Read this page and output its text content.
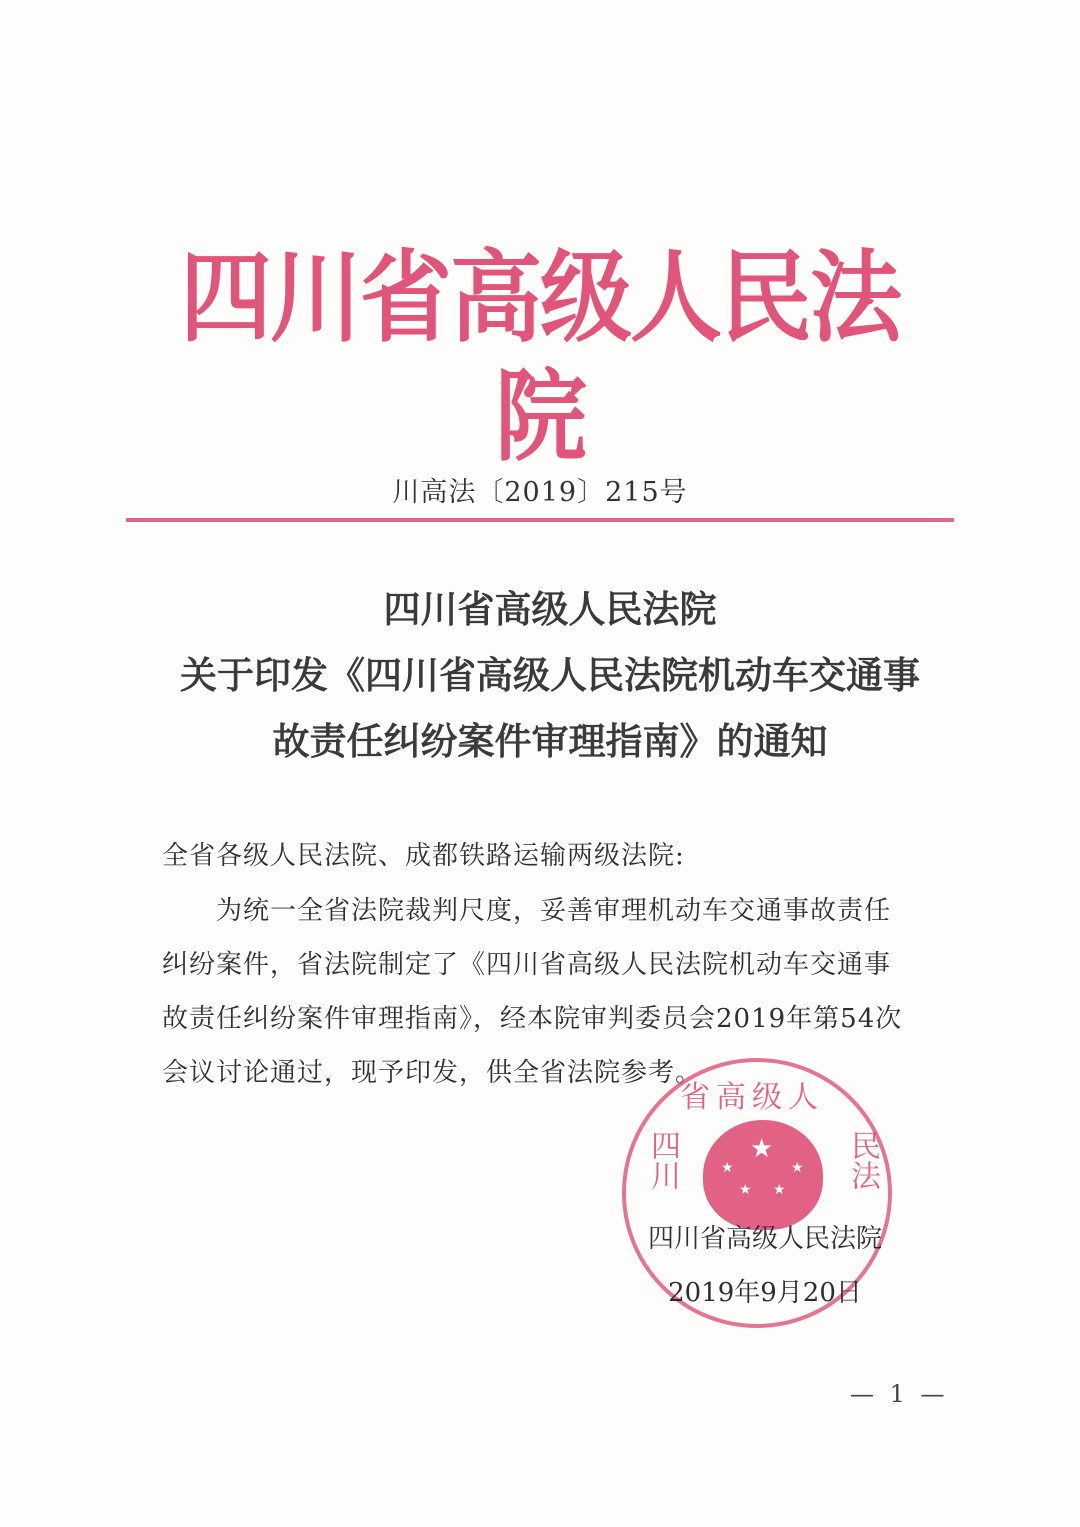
四川省高级人民法院
川高法〔2019〕215号
四川省高级人民法院
关于印发《四川省高级人民法院机动车交通事
故责任纠纷案件审理指南》的通知
全省各级人民法院、成都铁路运输两级法院:
　　为统一全省法院裁判尺度，妥善审理机动车交通事故责任
纠纷案件，省法院制定了《四川省高级人民法院机动车交通事
故责任纠纷案件审理指南》，经本院审判委员会2019年第54次
会议讨论通过，现予印发，供全省法院参考。
★
★	★
★ ★
四川
省高级人
民法
四川省高级人民法院
2019年9月20日
— 1 —
